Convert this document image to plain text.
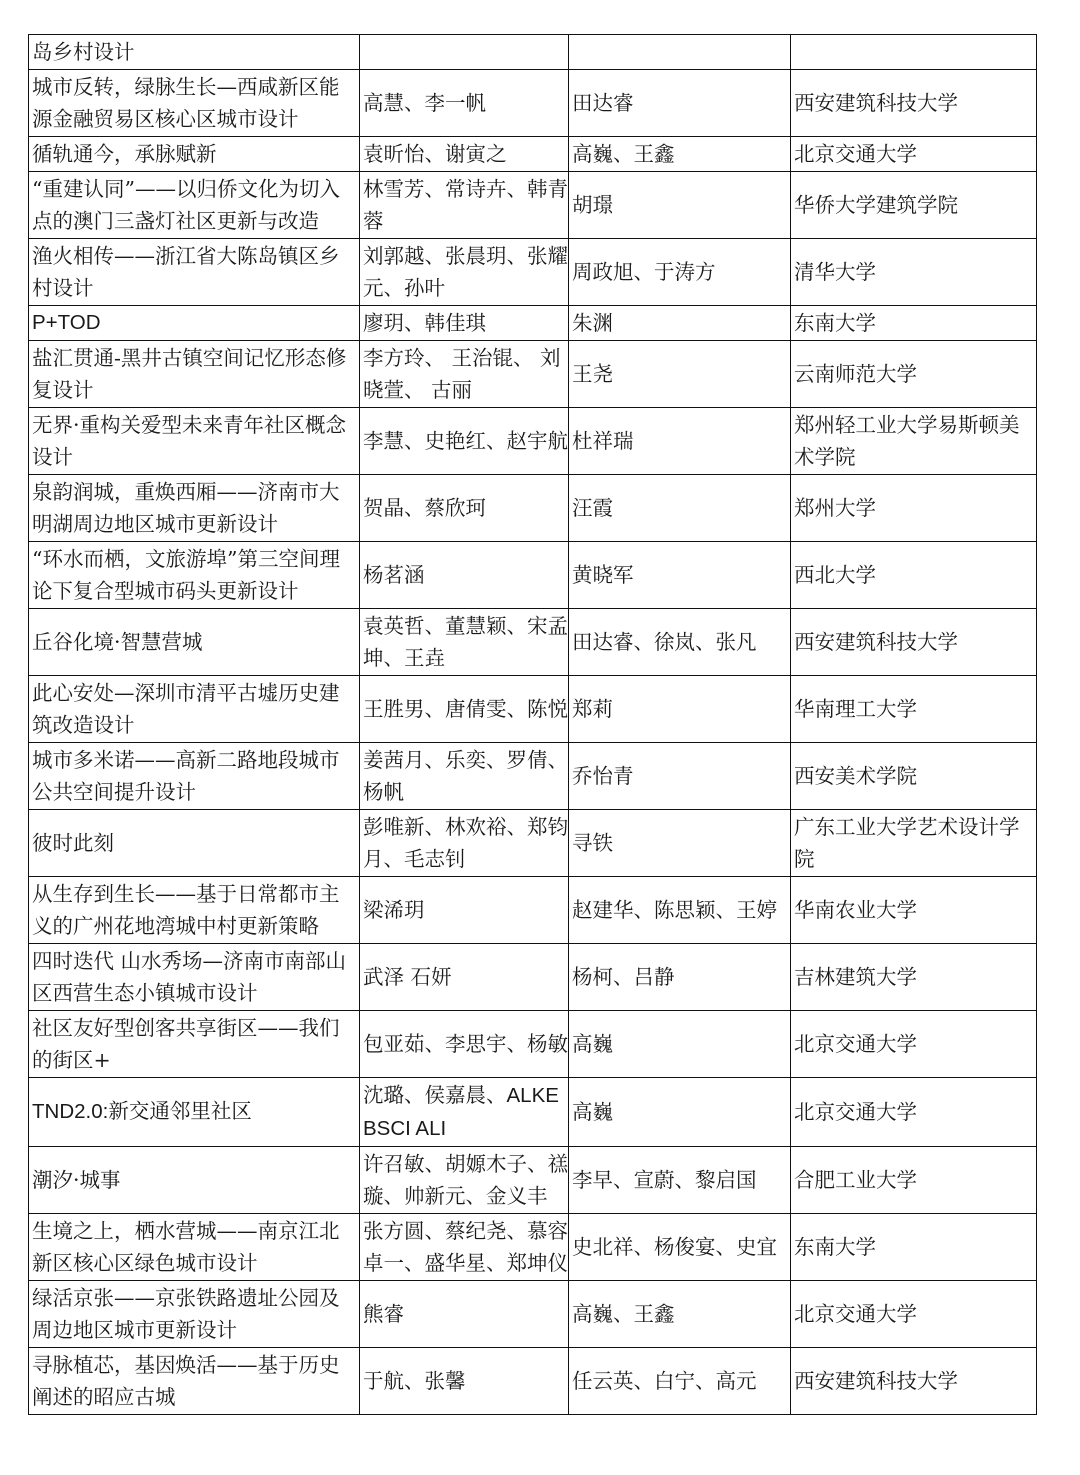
岛乡村设计			
城市反转，绿脉生长—西咸新区能源金融贸易区核心区城市设计	高慧、李一帆	田达睿	西安建筑科技大学
循轨通今，承脉赋新	袁昕怡、谢寅之	高巍、王鑫	北京交通大学
“重建认同”——以归侨文化为切入点的澳门三盏灯社区更新与改造	林雪芳、常诗卉、韩青蓉	胡璟	华侨大学建筑学院
渔火相传——浙江省大陈岛镇区乡村设计	刘郭越、张晨玥、张耀元、孙叶	周政旭、于涛方	清华大学
P+TOD	廖玥、韩佳琪	朱渊	东南大学
盐汇贯通-黑井古镇空间记忆形态修复设计	李方玲、 王治锟、 刘晓萱、 古丽	王尧	云南师范大学
无界·重构关爱型未来青年社区概念设计	李慧、史艳红、赵宇航	杜祥瑞	郑州轻工业大学易斯顿美术学院
泉韵润城，重焕西厢——济南市大明湖周边地区城市更新设计	贺晶、蔡欣珂	汪霞	郑州大学
“环水而栖，文旅游埠”第三空间理论下复合型城市码头更新设计	杨茗涵	黄晓军	西北大学
丘谷化境·智慧营城	袁英哲、董慧颖、宋孟坤、王垚	田达睿、徐岚、张凡	西安建筑科技大学
此心安处—深圳市清平古墟历史建筑改造设计	王胜男、唐倩雯、陈悦	郑莉	华南理工大学
城市多米诺——高新二路地段城市公共空间提升设计	姜茜月、乐奕、罗倩、杨帆	乔怡青	西安美术学院
彼时此刻	彭唯新、林欢裕、郑钧月、毛志钊	寻铁	广东工业大学艺术设计学院
从生存到生长——基于日常都市主义的广州花地湾城中村更新策略	梁浠玥	赵建华、陈思颖、王婷	华南农业大学
四时迭代 山水秀场—济南市南部山区西营生态小镇城市设计	武泽 石妍	杨柯、吕静	吉林建筑大学
社区友好型创客共享街区——我们的街区+	包亚茹、李思宇、杨敏	高巍	北京交通大学
TND2.0:新交通邻里社区	沈璐、侯嘉晨、ALKEBSCI ALI	高巍	北京交通大学
潮汐·城事	许召敏、胡嫄木子、禚璇、帅新元、金义丰	李早、宣蔚、黎启国	合肥工业大学
生境之上，栖水营城——南京江北新区核心区绿色城市设计	张方圆、蔡纪尧、慕容卓一、盛华星、郑坤仪	史北祥、杨俊宴、史宜	东南大学
绿活京张——京张铁路遗址公园及周边地区城市更新设计	熊睿	高巍、王鑫	北京交通大学
寻脉植芯，基因焕活——基于历史阐述的昭应古城	于航、张馨	任云英、白宁、高元	西安建筑科技大学
